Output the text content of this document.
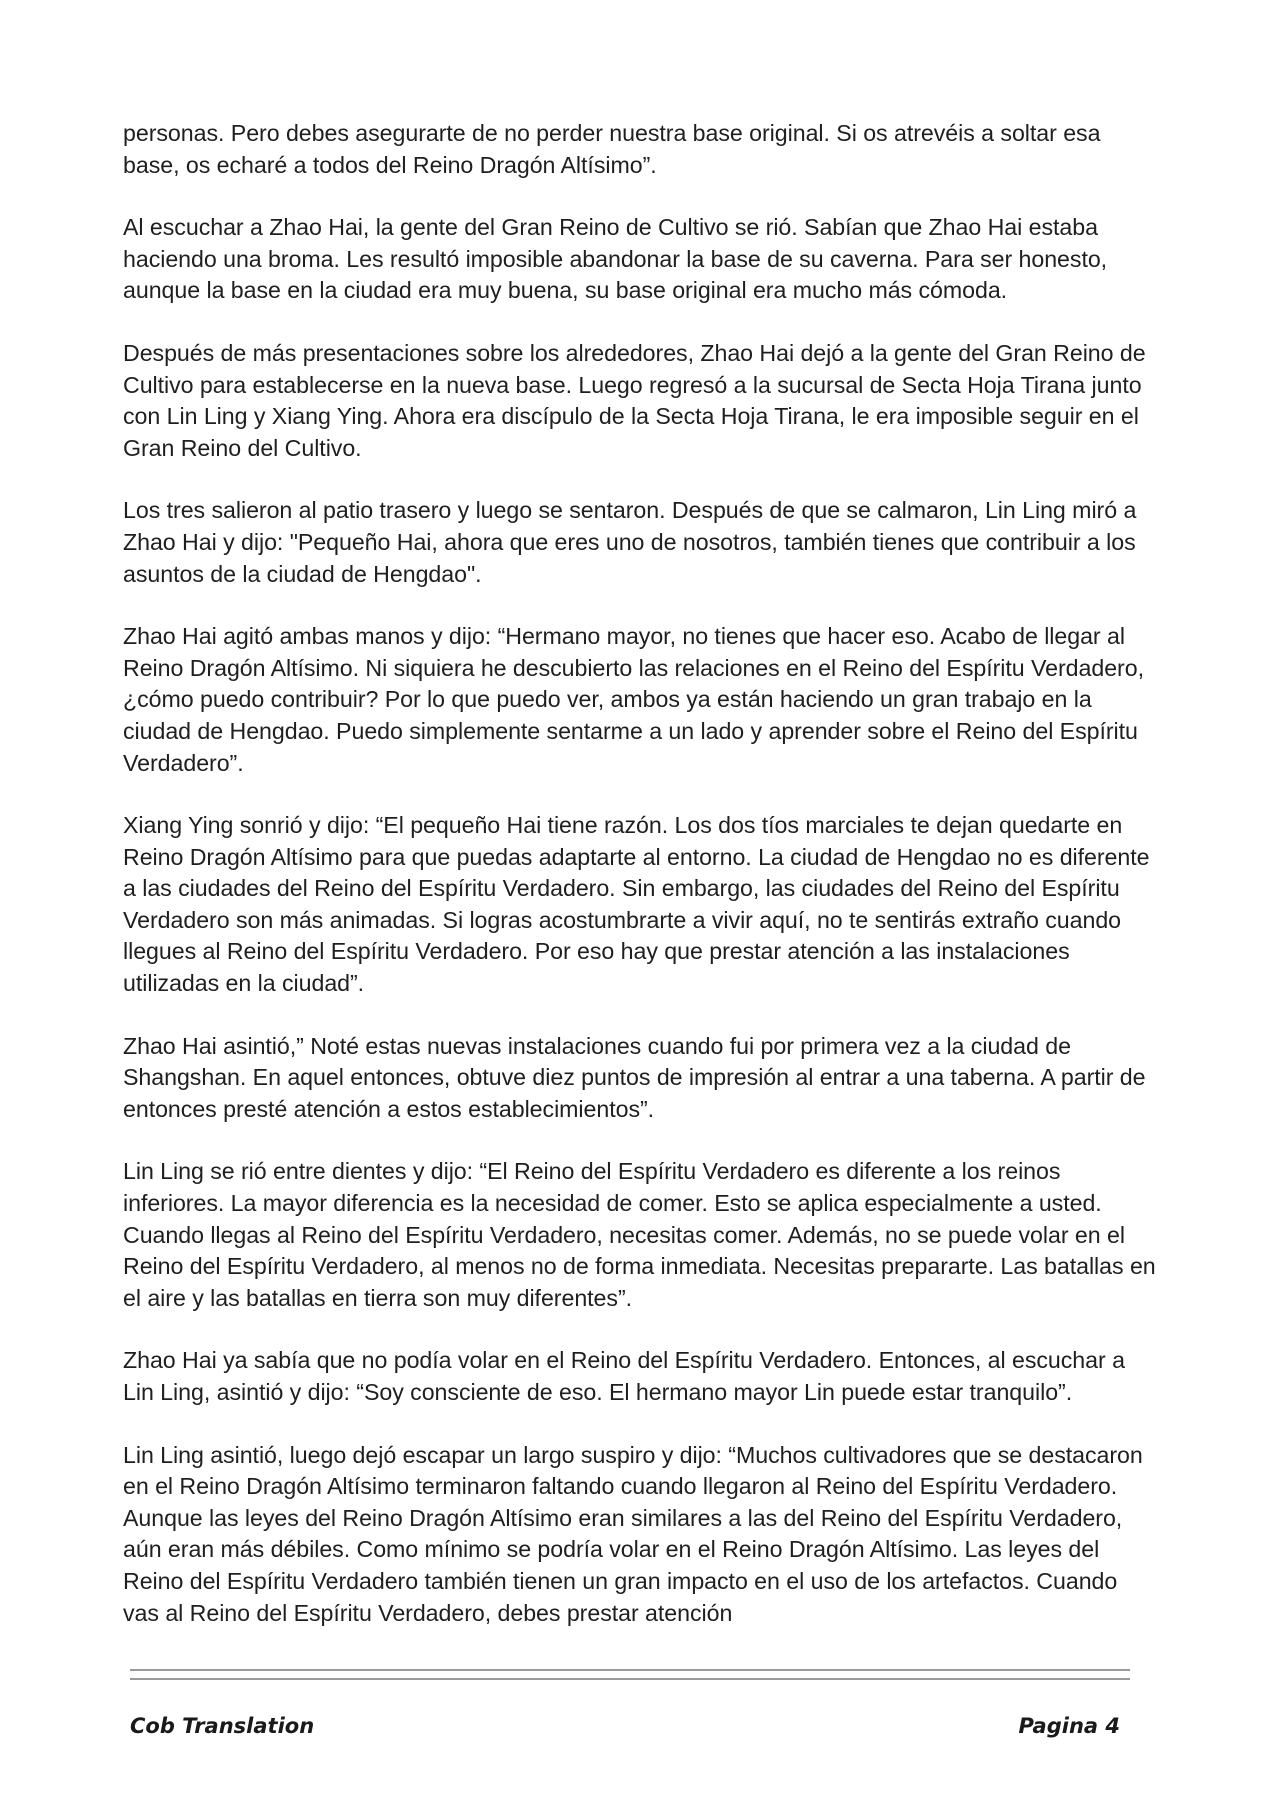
personas. Pero debes asegurarte de no perder nuestra base original. Si os atrevéis a soltar esa base, os echaré a todos del Reino Dragón Altísimo”.

Al escuchar a Zhao Hai, la gente del Gran Reino de Cultivo se rió. Sabían que Zhao Hai estaba haciendo una broma. Les resultó imposible abandonar la base de su caverna. Para ser honesto, aunque la base en la ciudad era muy buena, su base original era mucho más cómoda.

Después de más presentaciones sobre los alrededores, Zhao Hai dejó a la gente del Gran Reino de Cultivo para establecerse en la nueva base. Luego regresó a la sucursal de Secta Hoja Tirana junto con Lin Ling y Xiang Ying. Ahora era discípulo de la Secta Hoja Tirana, le era imposible seguir en el Gran Reino del Cultivo.

Los tres salieron al patio trasero y luego se sentaron. Después de que se calmaron, Lin Ling miró a Zhao Hai y dijo: "Pequeño Hai, ahora que eres uno de nosotros, también tienes que contribuir a los asuntos de la ciudad de Hengdao".

Zhao Hai agitó ambas manos y dijo: “Hermano mayor, no tienes que hacer eso. Acabo de llegar al Reino Dragón Altísimo. Ni siquiera he descubierto las relaciones en el Reino del Espíritu Verdadero, ¿cómo puedo contribuir? Por lo que puedo ver, ambos ya están haciendo un gran trabajo en la ciudad de Hengdao. Puedo simplemente sentarme a un lado y aprender sobre el Reino del Espíritu Verdadero”.

Xiang Ying sonrió y dijo: “El pequeño Hai tiene razón. Los dos tíos marciales te dejan quedarte en Reino Dragón Altísimo para que puedas adaptarte al entorno. La ciudad de Hengdao no es diferente a las ciudades del Reino del Espíritu Verdadero. Sin embargo, las ciudades del Reino del Espíritu Verdadero son más animadas. Si logras acostumbrarte a vivir aquí, no te sentirás extraño cuando llegues al Reino del Espíritu Verdadero. Por eso hay que prestar atención a las instalaciones utilizadas en la ciudad”.

Zhao Hai asintió,” Noté estas nuevas instalaciones cuando fui por primera vez a la ciudad de Shangshan. En aquel entonces, obtuve diez puntos de impresión al entrar a una taberna. A partir de entonces presté atención a estos establecimientos”.

Lin Ling se rió entre dientes y dijo: “El Reino del Espíritu Verdadero es diferente a los reinos inferiores. La mayor diferencia es la necesidad de comer. Esto se aplica especialmente a usted. Cuando llegas al Reino del Espíritu Verdadero, necesitas comer. Además, no se puede volar en el Reino del Espíritu Verdadero, al menos no de forma inmediata. Necesitas prepararte. Las batallas en el aire y las batallas en tierra son muy diferentes”.

Zhao Hai ya sabía que no podía volar en el Reino del Espíritu Verdadero. Entonces, al escuchar a Lin Ling, asintió y dijo: “Soy consciente de eso. El hermano mayor Lin puede estar tranquilo”.

Lin Ling asintió, luego dejó escapar un largo suspiro y dijo: “Muchos cultivadores que se destacaron en el Reino Dragón Altísimo terminaron faltando cuando llegaron al Reino del Espíritu Verdadero. Aunque las leyes del Reino Dragón Altísimo eran similares a las del Reino del Espíritu Verdadero, aún eran más débiles. Como mínimo se podría volar en el Reino Dragón Altísimo. Las leyes del Reino del Espíritu Verdadero también tienen un gran impacto en el uso de los artefactos. Cuando vas al Reino del Espíritu Verdadero, debes prestar atención

Cob Translation	Pagina 4
